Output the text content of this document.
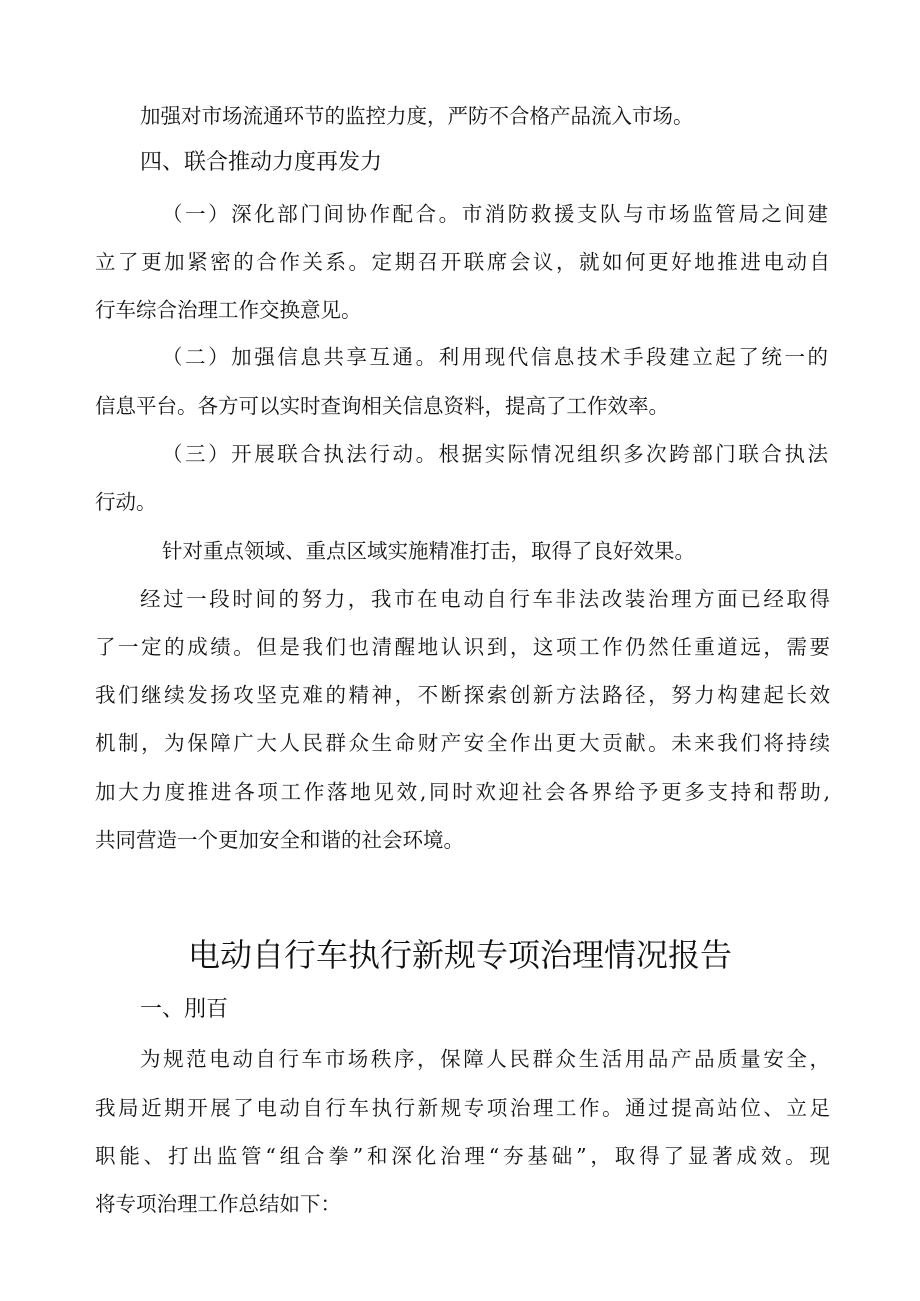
加强对市场流通环节的监控力度，严防不合格产品流入市场。
四、联合推动力度再发力
（一）深化部门间协作配合。市消防救援支队与市场监管局之间建
立了更加紧密的合作关系。定期召开联席会议，就如何更好地推进电动自
行车综合治理工作交换意见。
（二）加强信息共享互通。利用现代信息技术手段建立起了统一的
信息平台。各方可以实时查询相关信息资料，提高了工作效率。
（三）开展联合执法行动。根据实际情况组织多次跨部门联合执法
行动。
针对重点领域、重点区域实施精准打击，取得了良好效果。
经过一段时间的努力，我市在电动自行车非法改装治理方面已经取得
了一定的成绩。但是我们也清醒地认识到，这项工作仍然任重道远，需要
我们继续发扬攻坚克难的精神，不断探索创新方法路径，努力构建起长效
机制，为保障广大人民群众生命财产安全作出更大贡献。未来我们将持续
加大力度推进各项工作落地见效,同时欢迎社会各界给予更多支持和帮助,
共同营造一个更加安全和谐的社会环境。
电动自行车执行新规专项治理情况报告
一、刖百
为规范电动自行车市场秩序，保障人民群众生活用品产品质量安全，
我局近期开展了电动自行车执行新规专项治理工作。通过提高站位、立足
职能、打出监管“组合拳”和深化治理“夯基础”，取得了显著成效。现
将专项治理工作总结如下：
